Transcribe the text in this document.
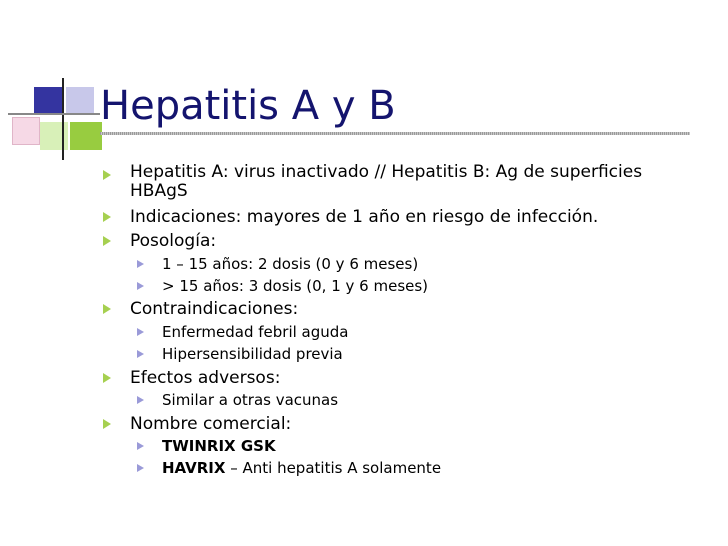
Hepatitis A y B
Hepatitis A: virus inactivado // Hepatitis B: Ag de superficies HBAgS
Indicaciones: mayores de 1 año en riesgo de infección.
Posología:
1 – 15 años: 2 dosis (0 y 6 meses)
> 15 años: 3 dosis (0, 1 y 6 meses)
Contraindicaciones:
Enfermedad febril aguda
Hipersensibilidad previa
Efectos adversos:
Similar a otras vacunas
Nombre comercial:
TWINRIX GSK
HAVRIX – Anti hepatitis A solamente
